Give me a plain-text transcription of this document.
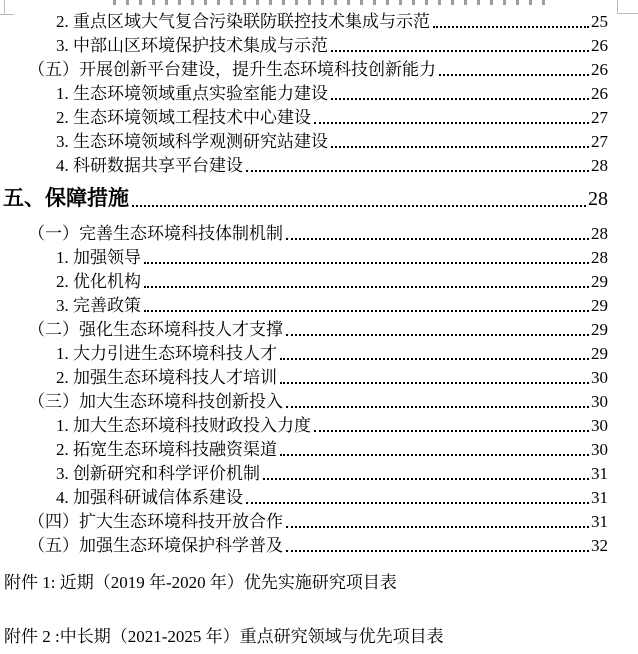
2. 重点区域大气复合污染联防联控技术集成与示范	25
3. 中部山区环境保护技术集成与示范	26
（五）开展创新平台建设，提升生态环境科技创新能力	26
1. 生态环境领域重点实验室能力建设	26
2. 生态环境领域工程技术中心建设	27
3. 生态环境领域科学观测研究站建设	27
4. 科研数据共享平台建设	28
五、保障措施	28
（一）完善生态环境科技体制机制	28
1. 加强领导	28
2. 优化机构	29
3. 完善政策	29
（二）强化生态环境科技人才支撑	29
1. 大力引进生态环境科技人才	29
2. 加强生态环境科技人才培训	30
（三）加大生态环境科技创新投入	30
1. 加大生态环境科技财政投入力度	30
2. 拓宽生态环境科技融资渠道	30
3. 创新研究和科学评价机制	31
4. 加强科研诚信体系建设	31
（四）扩大生态环境科技开放合作	31
（五）加强生态环境保护科学普及	32
附件 1: 近期（2019 年-2020 年）优先实施研究项目表
附件 2 :中长期（2021-2025 年）重点研究领域与优先项目表
